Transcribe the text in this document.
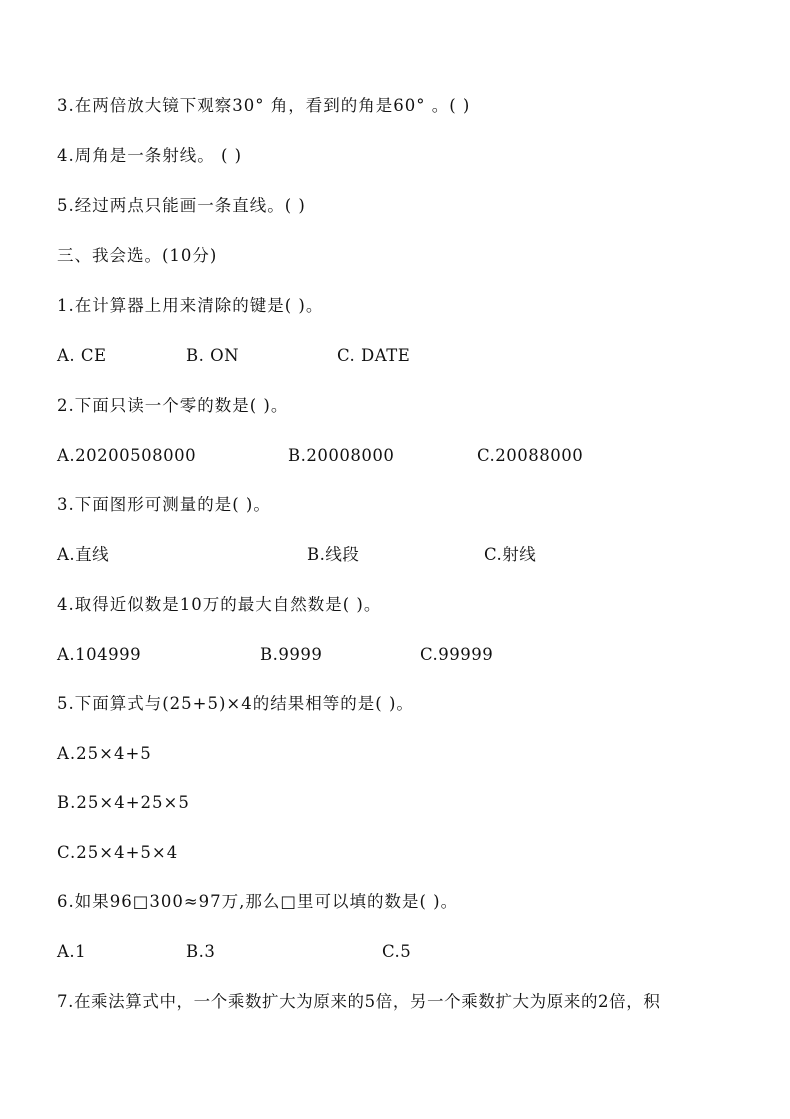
3.在两倍放大镜下观察30° 角，看到的角是60° 。( )
4.周角是一条射线。 ( )
5.经过两点只能画一条直线。( )
三、我会选。(10分)
1.在计算器上用来清除的键是( )。
A. CE	B. ON	C. DATE
2.下面只读一个零的数是( )。
A.20200508000	B.20008000	C.20088000
3.下面图形可测量的是( )。
A.直线	B.线段	C.射线
4.取得近似数是10万的最大自然数是( )。
A.104999	B.9999	C.99999
5.下面算式与(25+5)×4的结果相等的是( )。
A.25×4+5
B.25×4+25×5
C.25×4+5×4
6.如果96□300≈97万,那么□里可以填的数是( )。
A.1	B.3	C.5
7.在乘法算式中，一个乘数扩大为原来的5倍，另一个乘数扩大为原来的2倍，积
